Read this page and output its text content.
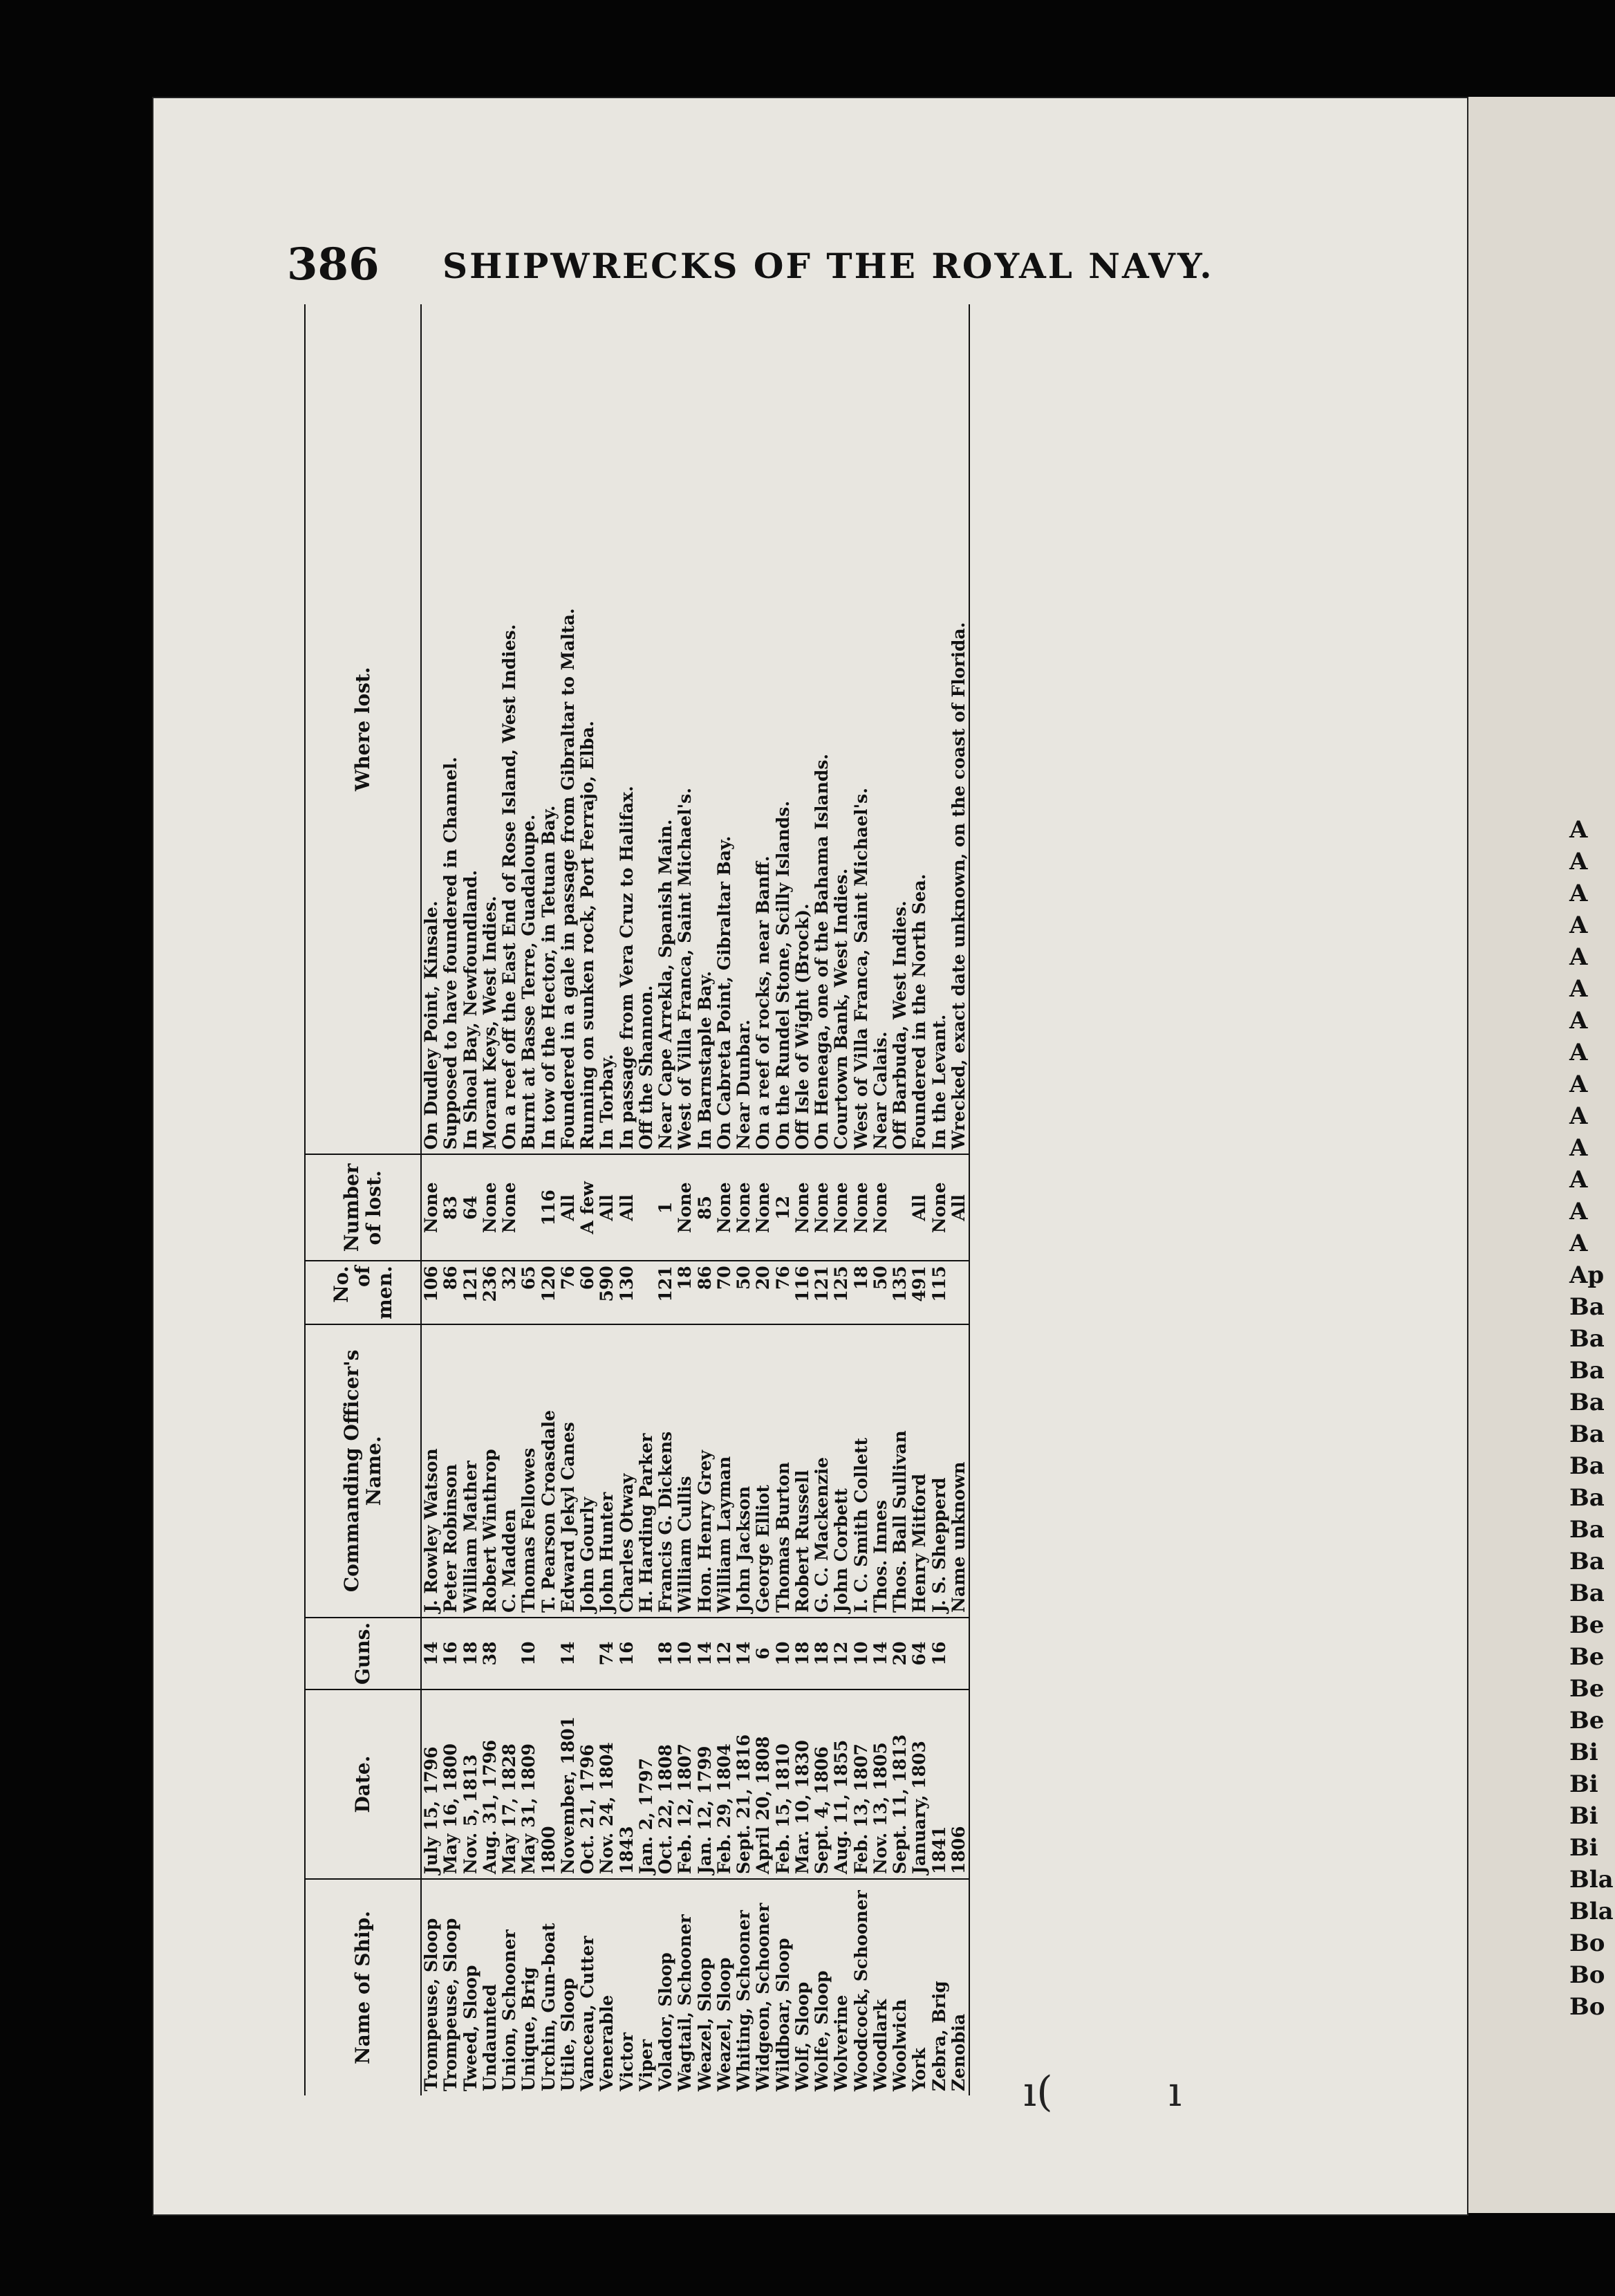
A
A
A
A
A
A
A
A
A
A
A
A
A
A
Ap
Ba
Ba
Ba
Ba
Ba
Ba
Ba
Ba
Ba
Ba
Be
Be
Be
Be
Bi
Bi
Bi
Bi
Bla
Bla
Bo
Bo
Bo
386 SHIPWRECKS OF THE ROYAL NAVY.
Name of Ship.	Date.	Guns.	Commanding Officer's Name.	No. of men.	Number of lost.	Where lost.
Trompeuse, Sloop	July 15, 1796	14	J. Rowley Watson	106	None	On Dudley Point, Kinsale.
Trompeuse, Sloop	May 16, 1800	16	Peter Robinson	86	83	Supposed to have foundered in Channel.
Tweed, Sloop	Nov. 5, 1813	18	William Mather	121	64	In Shoal Bay, Newfoundland.
Undaunted	Aug. 31, 1796	38	Robert Winthrop	236	None	Morant Keys, West Indies.
Union, Schooner	May 17, 1828		C. Madden	32	None	On a reef off the East End of Rose Island, West Indies.
Unique, Brig	May 31, 1809	10	Thomas Fellowes	65		Burnt at Basse Terre, Guadaloupe.
Urchin, Gun-boat	1800		T. Pearson Croasdale	120	116	In tow of the Hector, in Tetuan Bay.
Utile, Sloop	November, 1801	14	Edward Jekyl Canes	76	All	Foundered in a gale in passage from Gibraltar to Malta.
Vanceau, Cutter	Oct. 21, 1796		John Gourly	60	A few	Running on sunken rock, Port Ferrajo, Elba.
Venerable	Nov. 24, 1804	74	John Hunter	590	All	In Torbay.
Victor	1843	16	Charles Otway	130	All	In passage from Vera Cruz to Halifax.
Viper	Jan. 2, 1797		H. Harding Parker			Off the Shannon.
Volador, Sloop	Oct. 22, 1808	18	Francis G. Dickens	121	1	Near Cape Arrekla, Spanish Main.
Wagtail, Schooner	Feb. 12, 1807	10	William Cullis	18	None	West of Villa Franca, Saint Michael's.
Weazel, Sloop	Jan. 12, 1799	14	Hon. Henry Grey	86	85	In Barnstaple Bay.
Weazel, Sloop	Feb. 29, 1804	12	William Layman	70	None	On Cabreta Point, Gibraltar Bay.
Whiting, Schooner	Sept. 21, 1816	14	John Jackson	50	None	Near Dunbar.
Widgeon, Schooner	April 20, 1808	6	George Elliot	20	None	On a reef of rocks, near Banff.
Wildboar, Sloop	Feb. 15, 1810	10	Thomas Burton	76	12	On the Rundel Stone, Scilly Islands.
Wolf, Sloop	Mar. 10, 1830	18	Robert Russell	116	None	Off Isle of Wight (Brock).
Wolfe, Sloop	Sept. 4, 1806	18	G. C. Mackenzie	121	None	On Heneaga, one of the Bahama Islands.
Wolverine	Aug. 11, 1855	12	John Corbett	125	None	Courtown Bank, West Indies.
Woodcock, Schooner	Feb. 13, 1807	10	I. C. Smith Collett	18	None	West of Villa Franca, Saint Michael's.
Woodlark	Nov. 13, 1805	14	Thos. Innes	50	None	Near Calais.
Woolwich	Sept. 11, 1813	20	Thos. Ball Sullivan	135		Off Barbuda, West Indies.
York	January, 1803	64	Henry Mitford	491	All	Foundered in the North Sea.
Zebra, Brig	1841	16	J. S. Shepperd	115	None	In the Levant.
Zenobia	1806		Name unknown		All	Wrecked, exact date unknown, on the coast of Florida.
ı(	ı
